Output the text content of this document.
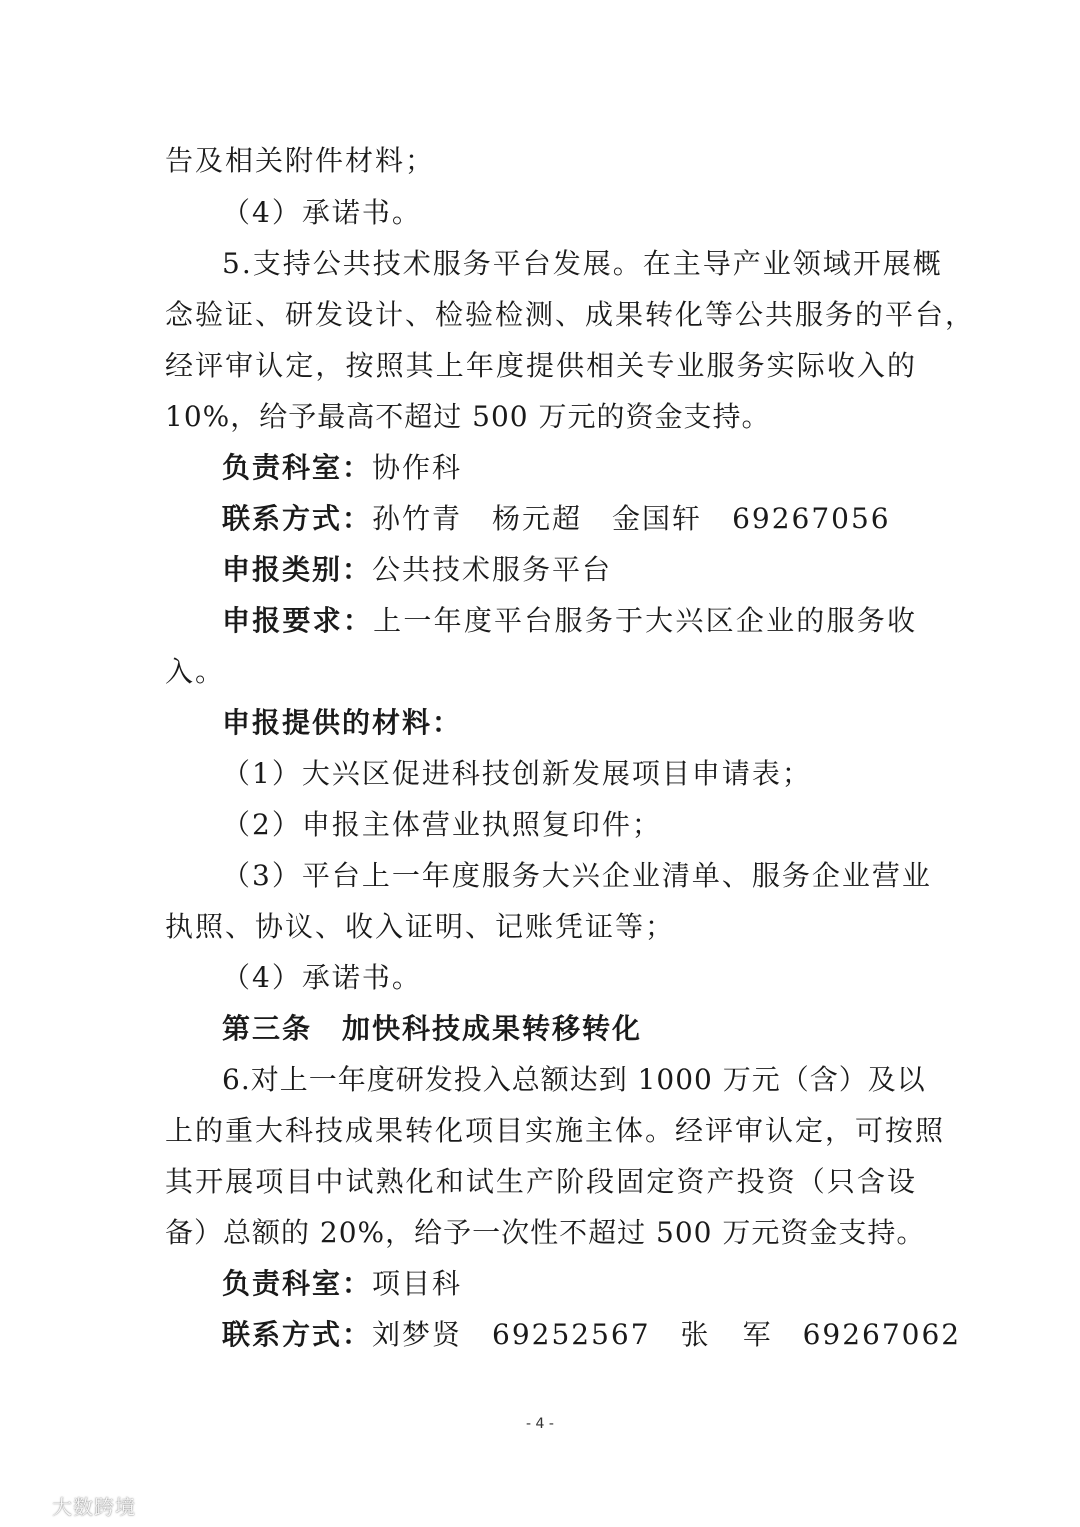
告及相关附件材料；
（4）承诺书。
5.支持公共技术服务平台发展。在主导产业领域开展概
念验证、研发设计、检验检测、成果转化等公共服务的平台，
经评审认定，按照其上年度提供相关专业服务实际收入的
10%，给予最高不超过 500 万元的资金支持。
负责科室：协作科
联系方式：孙竹青 杨元超 金国轩 69267056
申报类别：公共技术服务平台
申报要求：上一年度平台服务于大兴区企业的服务收
入。
申报提供的材料：
（1）大兴区促进科技创新发展项目申请表；
（2）申报主体营业执照复印件；
（3）平台上一年度服务大兴企业清单、服务企业营业
执照、协议、收入证明、记账凭证等；
（4）承诺书。
第三条 加快科技成果转移转化
6.对上一年度研发投入总额达到 1000 万元（含）及以
上的重大科技成果转化项目实施主体。经评审认定，可按照
其开展项目中试熟化和试生产阶段固定资产投资（只含设
备）总额的 20%，给予一次性不超过 500 万元资金支持。
负责科室：项目科
联系方式：刘梦贤 69252567 张 军 69267062
- 4 -
大数跨境
